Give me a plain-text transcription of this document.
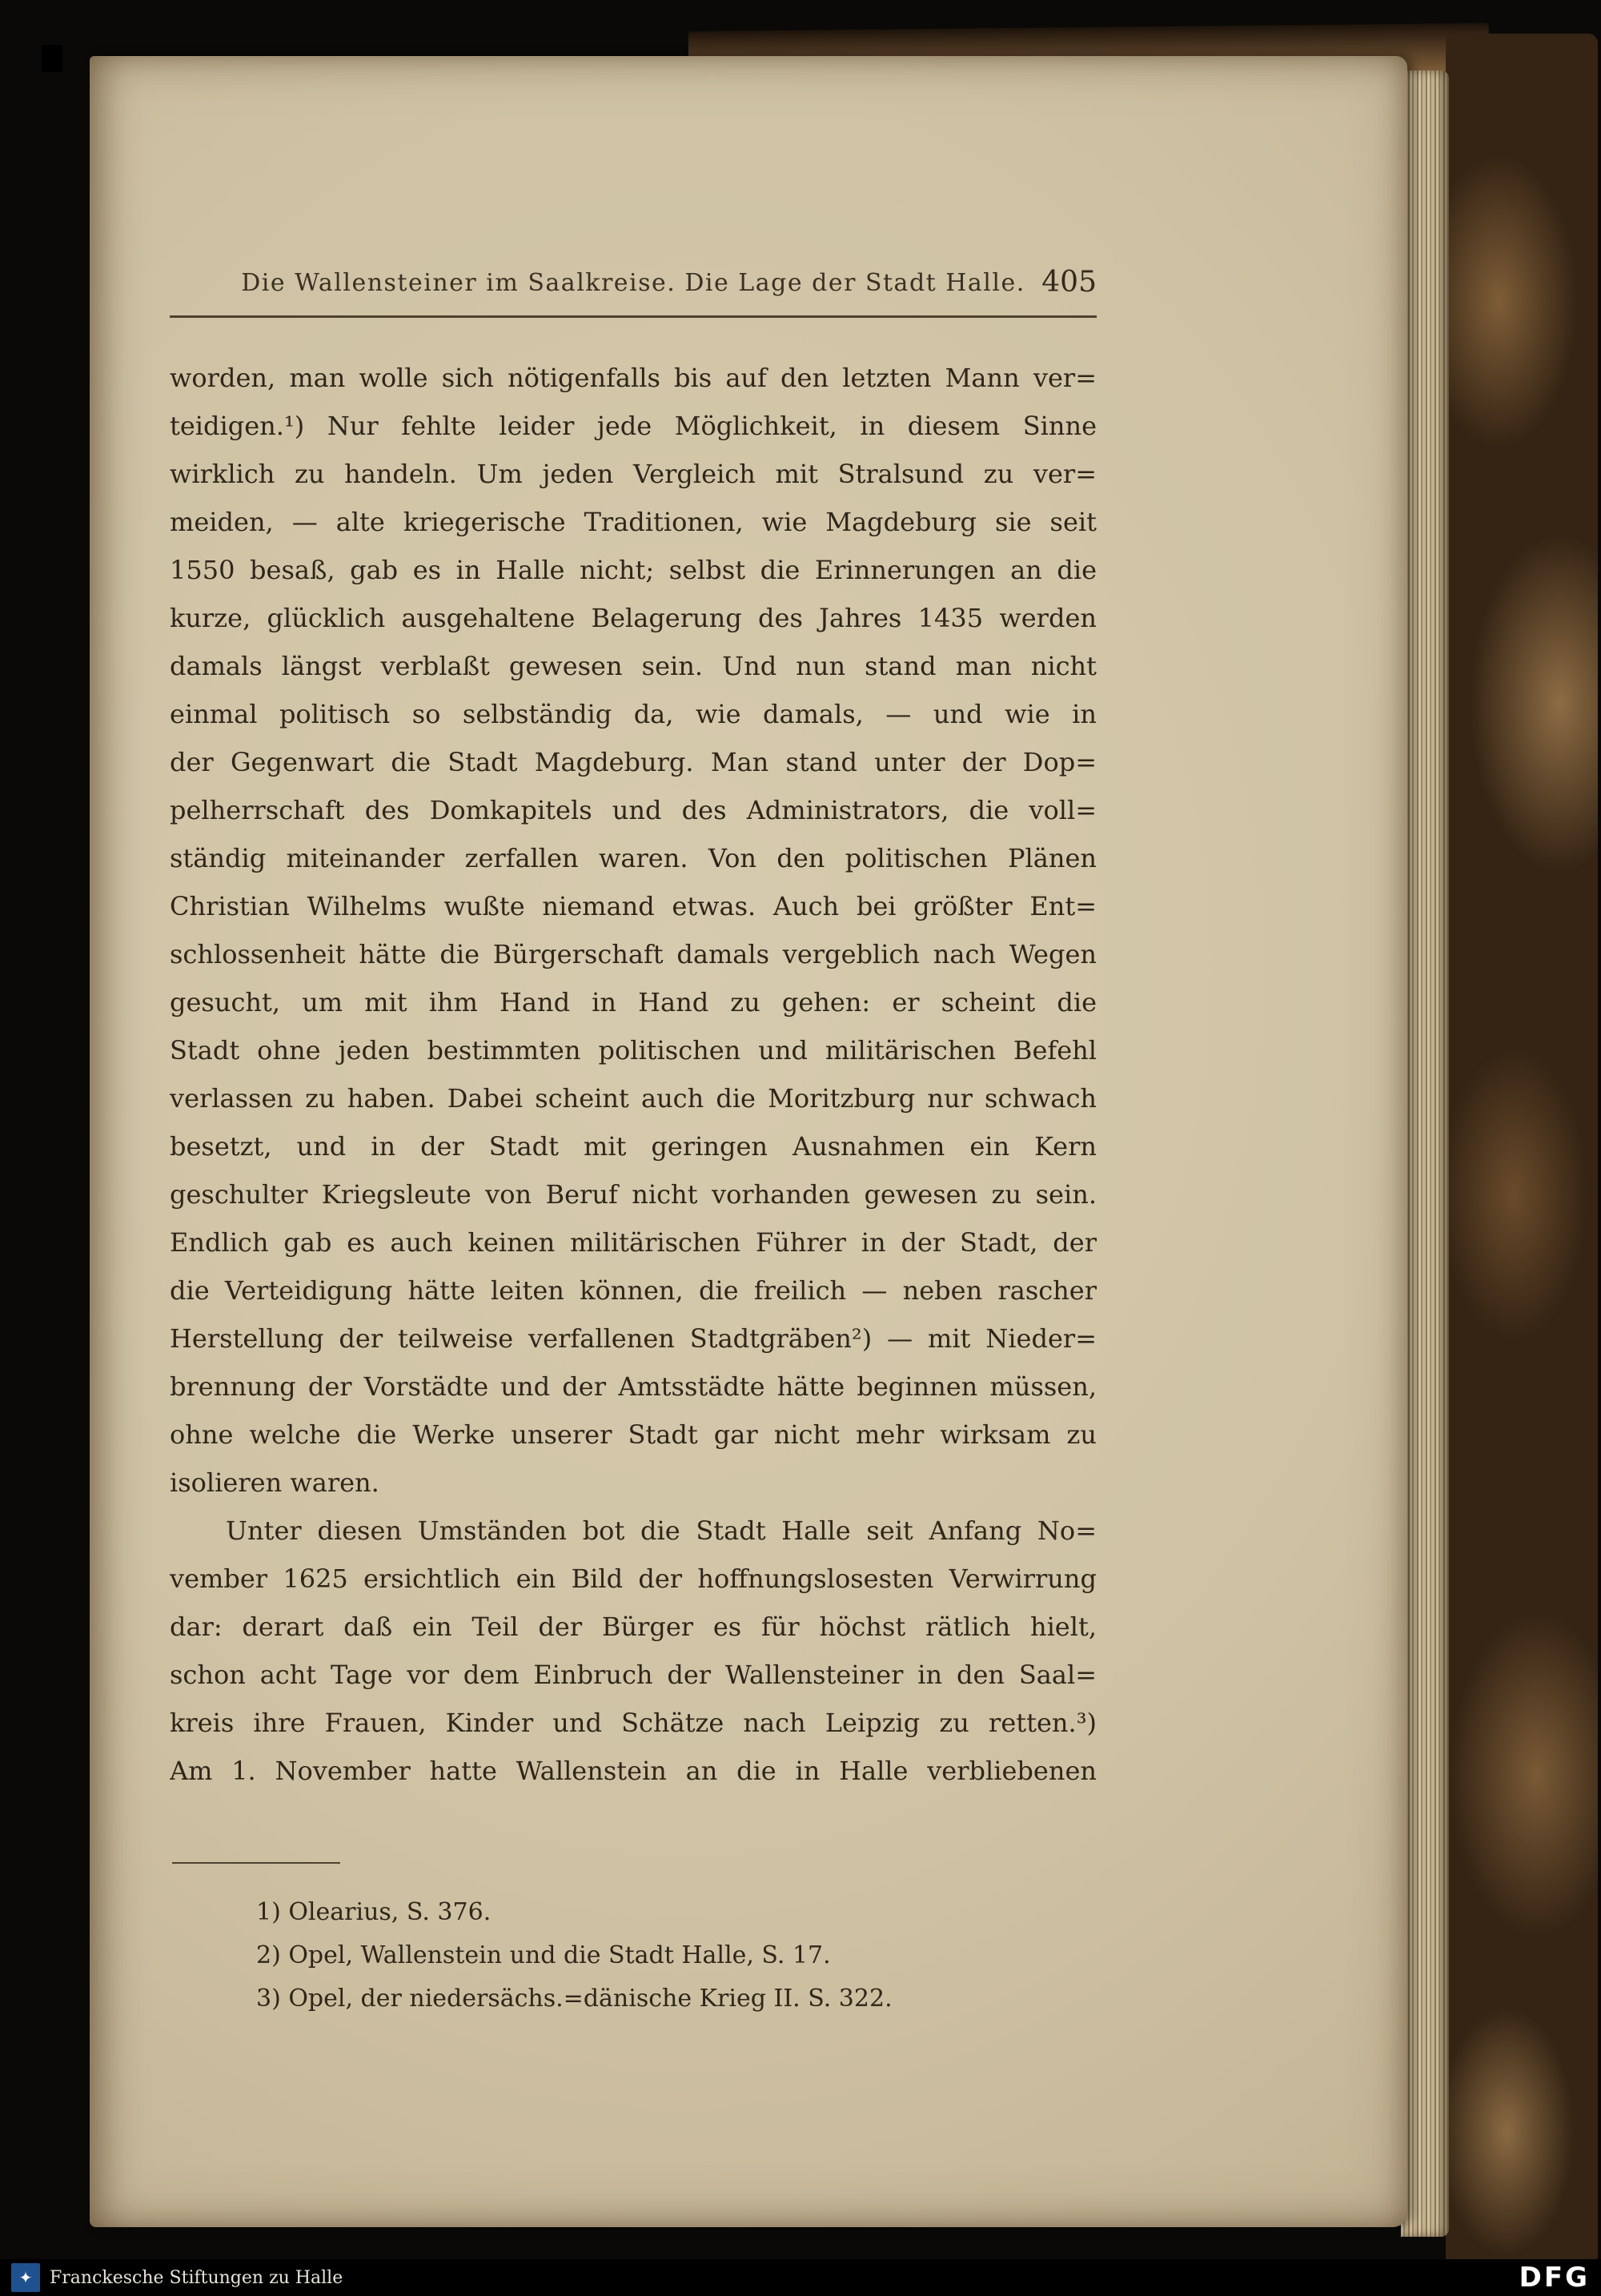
Die Wallensteiner im Saalkreise. Die Lage der Stadt Halle. 405
worden, man wolle sich nötigenfalls bis auf den letzten Mann ver=
teidigen.¹) Nur fehlte leider jede Möglichkeit, in diesem Sinne
wirklich zu handeln. Um jeden Vergleich mit Stralsund zu ver=
meiden, — alte kriegerische Traditionen, wie Magdeburg sie seit
1550 besaß, gab es in Halle nicht; selbst die Erinnerungen an die
kurze, glücklich ausgehaltene Belagerung des Jahres 1435 werden
damals längst verblaßt gewesen sein. Und nun stand man nicht
einmal politisch so selbständig da, wie damals, — und wie in
der Gegenwart die Stadt Magdeburg. Man stand unter der Dop=
pelherrschaft des Domkapitels und des Administrators, die voll=
ständig miteinander zerfallen waren. Von den politischen Plänen
Christian Wilhelms wußte niemand etwas. Auch bei größter Ent=
schlossenheit hätte die Bürgerschaft damals vergeblich nach Wegen
gesucht, um mit ihm Hand in Hand zu gehen: er scheint die
Stadt ohne jeden bestimmten politischen und militärischen Befehl
verlassen zu haben. Dabei scheint auch die Moritzburg nur schwach
besetzt, und in der Stadt mit geringen Ausnahmen ein Kern
geschulter Kriegsleute von Beruf nicht vorhanden gewesen zu sein.
Endlich gab es auch keinen militärischen Führer in der Stadt, der
die Verteidigung hätte leiten können, die freilich — neben rascher
Herstellung der teilweise verfallenen Stadtgräben²) — mit Nieder=
brennung der Vorstädte und der Amtsstädte hätte beginnen müssen,
ohne welche die Werke unserer Stadt gar nicht mehr wirksam zu
isolieren waren.
Unter diesen Umständen bot die Stadt Halle seit Anfang No=
vember 1625 ersichtlich ein Bild der hoffnungslosesten Verwirrung
dar: derart daß ein Teil der Bürger es für höchst rätlich hielt,
schon acht Tage vor dem Einbruch der Wallensteiner in den Saal=
kreis ihre Frauen, Kinder und Schätze nach Leipzig zu retten.³)
Am 1. November hatte Wallenstein an die in Halle verbliebenen
1) Olearius, S. 376.
2) Opel, Wallenstein und die Stadt Halle, S. 17.
3) Opel, der niedersächs.=dänische Krieg II. S. 322.
✦ Franckesche Stiftungen zu Halle	DFG
